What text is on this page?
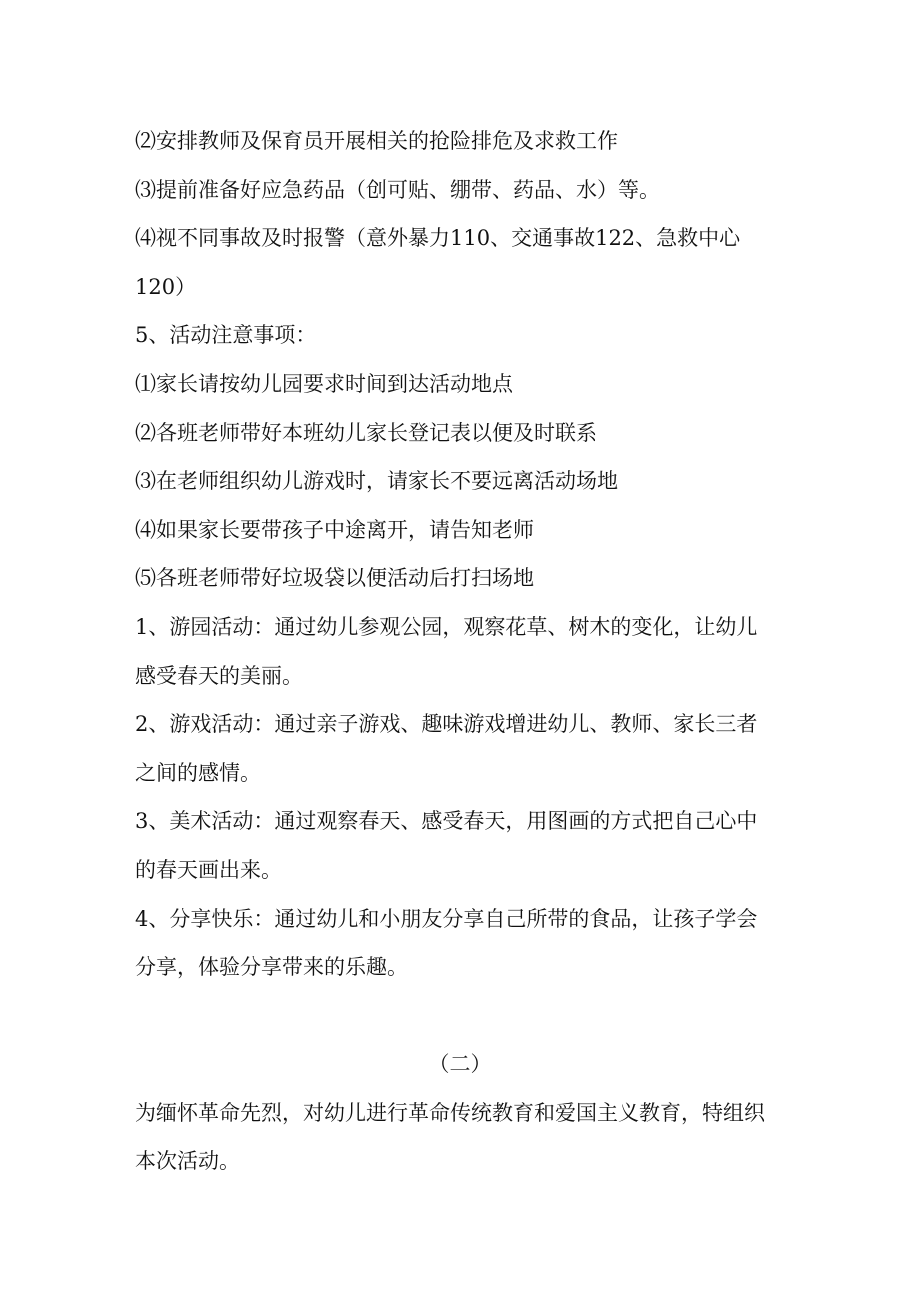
⑵安排教师及保育员开展相关的抢险排危及求救工作
⑶提前准备好应急药品（创可贴、绷带、药品、水）等。
⑷视不同事故及时报警（意外暴力110、交通事故122、急救中心
120）
5、活动注意事项：
⑴家长请按幼儿园要求时间到达活动地点
⑵各班老师带好本班幼儿家长登记表以便及时联系
⑶在老师组织幼儿游戏时，请家长不要远离活动场地
⑷如果家长要带孩子中途离开，请告知老师
⑸各班老师带好垃圾袋以便活动后打扫场地
1、游园活动：通过幼儿参观公园，观察花草、树木的变化，让幼儿
感受春天的美丽。
2、游戏活动：通过亲子游戏、趣味游戏增进幼儿、教师、家长三者
之间的感情。
3、美术活动：通过观察春天、感受春天，用图画的方式把自己心中
的春天画出来。
4、分享快乐：通过幼儿和小朋友分享自己所带的食品，让孩子学会
分享，体验分享带来的乐趣。
（二）
为缅怀革命先烈，对幼儿进行革命传统教育和爱国主义教育，特组织
本次活动。
